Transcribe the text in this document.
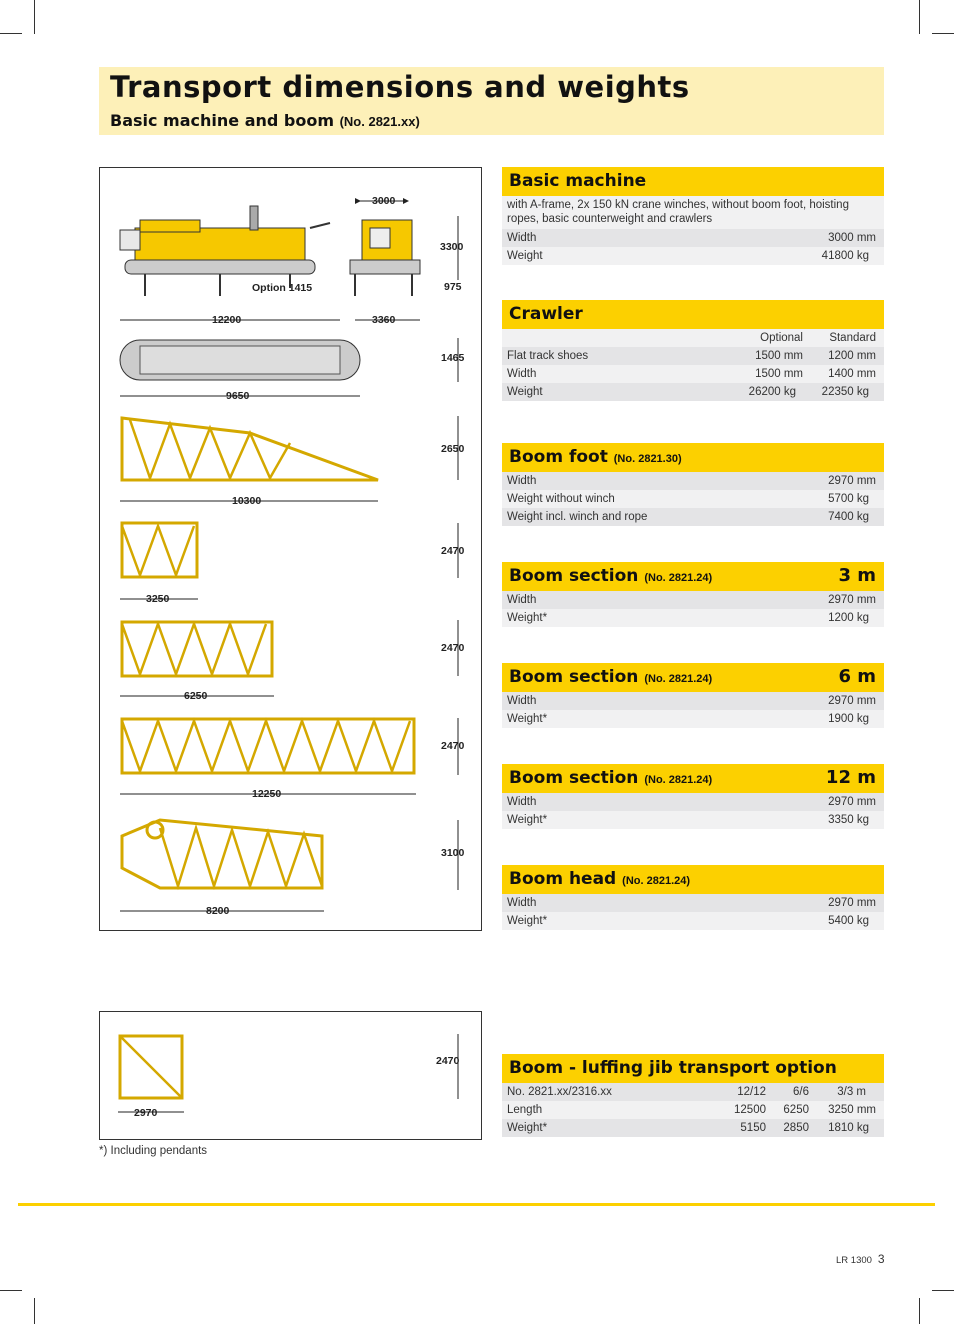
Transport dimensions and weights
Basic machine and boom (No. 2821.xx)
Option 1415
3000
3300
975
12200	3360
1465
9650
2650
10300
2470
3250
2470
6250
2470
12250
3100
8200
2470
2970
*) Including pendants
Basic machine
with A-frame, 2x 150 kN crane winches, without boom foot, hoisting ropes, basic counterweight and crawlers
Width	3000 mm
Weight	41800 kg
Crawler
Optional Standard
Flat track shoes	1500 mm 1200 mm
Width	1500 mm 1400 mm
Weight	26200 kg 22350 kg
Boom foot (No. 2821.30)
Width	2970 mm
Weight without winch	5700 kg
Weight incl. winch and rope	7400 kg
Boom section (No. 2821.24)	3 m
Width	2970 mm
Weight*	1200 kg
Boom section (No. 2821.24)	6 m
Width	2970 mm
Weight*	1900 kg
Boom section (No. 2821.24)	12 m
Width	2970 mm
Weight*	3350 kg
Boom head (No. 2821.24)
Width	2970 mm
Weight*	5400 kg
Boom - luffing jib transport option
No. 2821.xx/2316.xx	12/12 6/6 3/3 m
Length	12500 6250 3250 mm
Weight*	5150 2850 1810 kg
LR 1300 3
